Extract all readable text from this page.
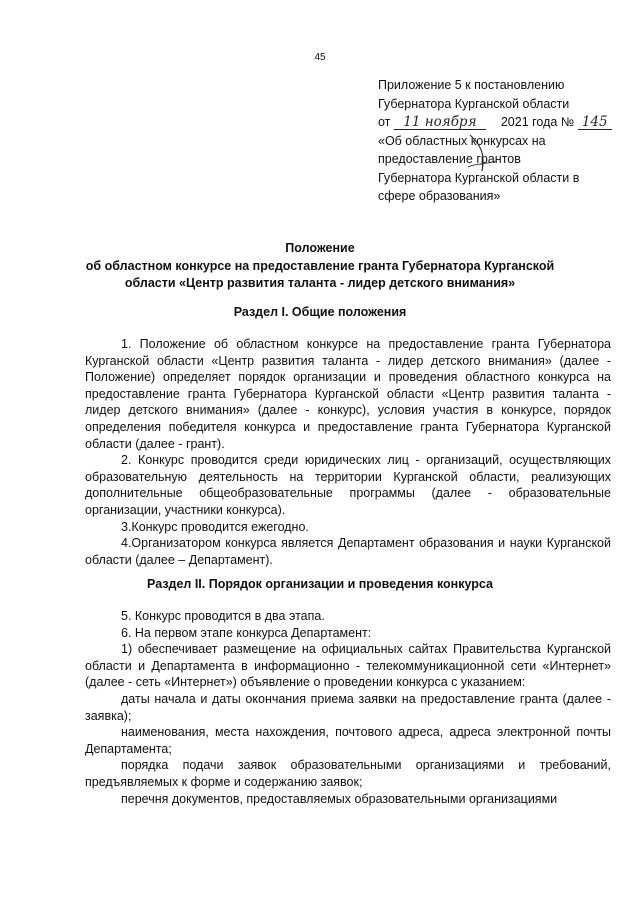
45
Приложение 5 к постановлению
Губернатора Курганской области
от 11 ноября 2021 года № 145
«Об областных конкурсах на
предоставление грантов
Губернатора Курганской области в
сфере образования»
Положение
об областном конкурсе на предоставление гранта Губернатора Курганской
области «Центр развития таланта - лидер детского внимания»
Раздел I. Общие положения

1. Положение об областном конкурсе на предоставление гранта Губернатора Курганской области «Центр развития таланта - лидер детского внимания» (далее - Положение) определяет порядок организации и проведения областного конкурса на предоставление гранта Губернатора Курганской области «Центр развития таланта - лидер детского внимания» (далее - конкурс), условия участия в конкурсе, порядок определения победителя конкурса и предоставление гранта Губернатора Курганской области (далее - грант).

2. Конкурс проводится среди юридических лиц - организаций, осуществляющих образовательную деятельность на территории Курганской области, реализующих дополнительные общеобразовательные программы (далее - образовательные организации, участники конкурса).

3.Конкурс проводится ежегодно.

4.Организатором конкурса является Департамент образования и науки Курганской области (далее – Департамент).

Раздел II. Порядок организации и проведения конкурса

5. Конкурс проводится в два этапа.

6. На первом этапе конкурса Департамент:

1) обеспечивает размещение на официальных сайтах Правительства Курганской области и Департамента в информационно - телекоммуникационной сети «Интернет» (далее - сеть «Интернет») объявление о проведении конкурса с указанием:

даты начала и даты окончания приема заявки на предоставление гранта (далее - заявка);

наименования, места нахождения, почтового адреса, адреса электронной почты Департамента;

порядка подачи заявок образовательными организациями и требований, предъявляемых к форме и содержанию заявок;

перечня документов, предоставляемых образовательными организациями
